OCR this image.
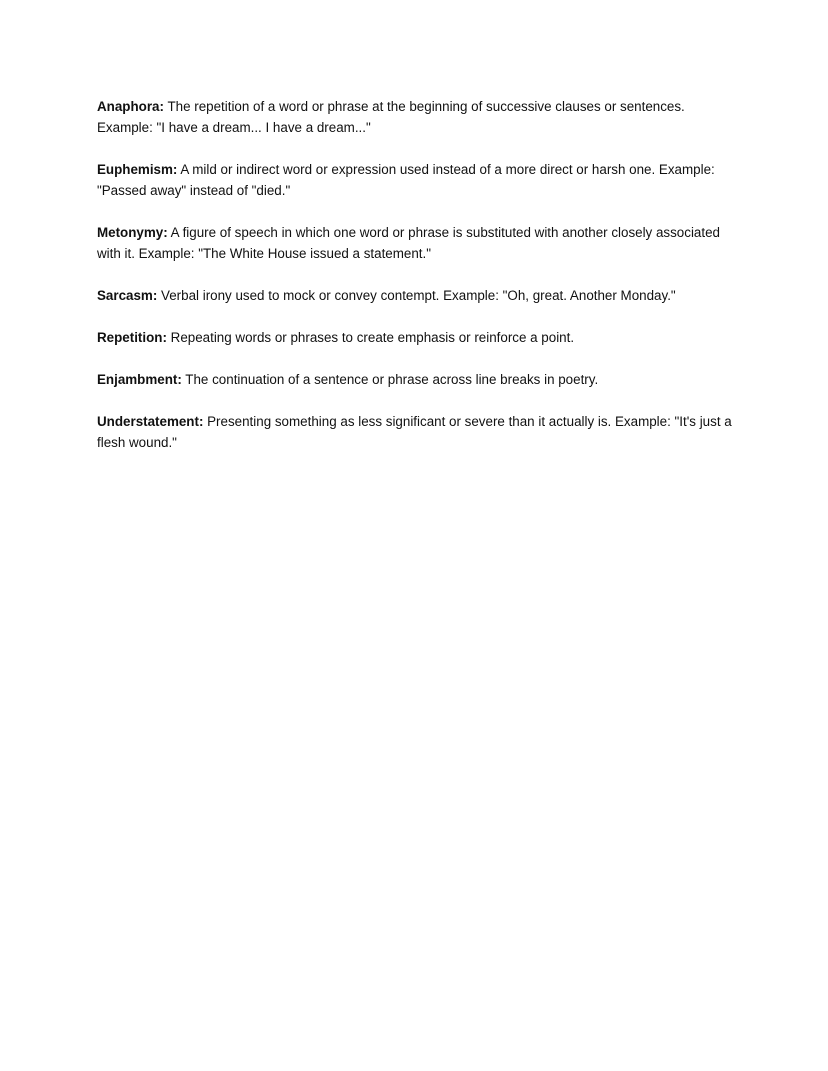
Anaphora: The repetition of a word or phrase at the beginning of successive clauses or sentences. Example: "I have a dream... I have a dream..."

Euphemism: A mild or indirect word or expression used instead of a more direct or harsh one. Example: "Passed away" instead of "died."

Metonymy: A figure of speech in which one word or phrase is substituted with another closely associated with it. Example: "The White House issued a statement."

Sarcasm: Verbal irony used to mock or convey contempt. Example: "Oh, great. Another Monday."

Repetition: Repeating words or phrases to create emphasis or reinforce a point.

Enjambment: The continuation of a sentence or phrase across line breaks in poetry.

Understatement: Presenting something as less significant or severe than it actually is. Example: "It's just a flesh wound."
